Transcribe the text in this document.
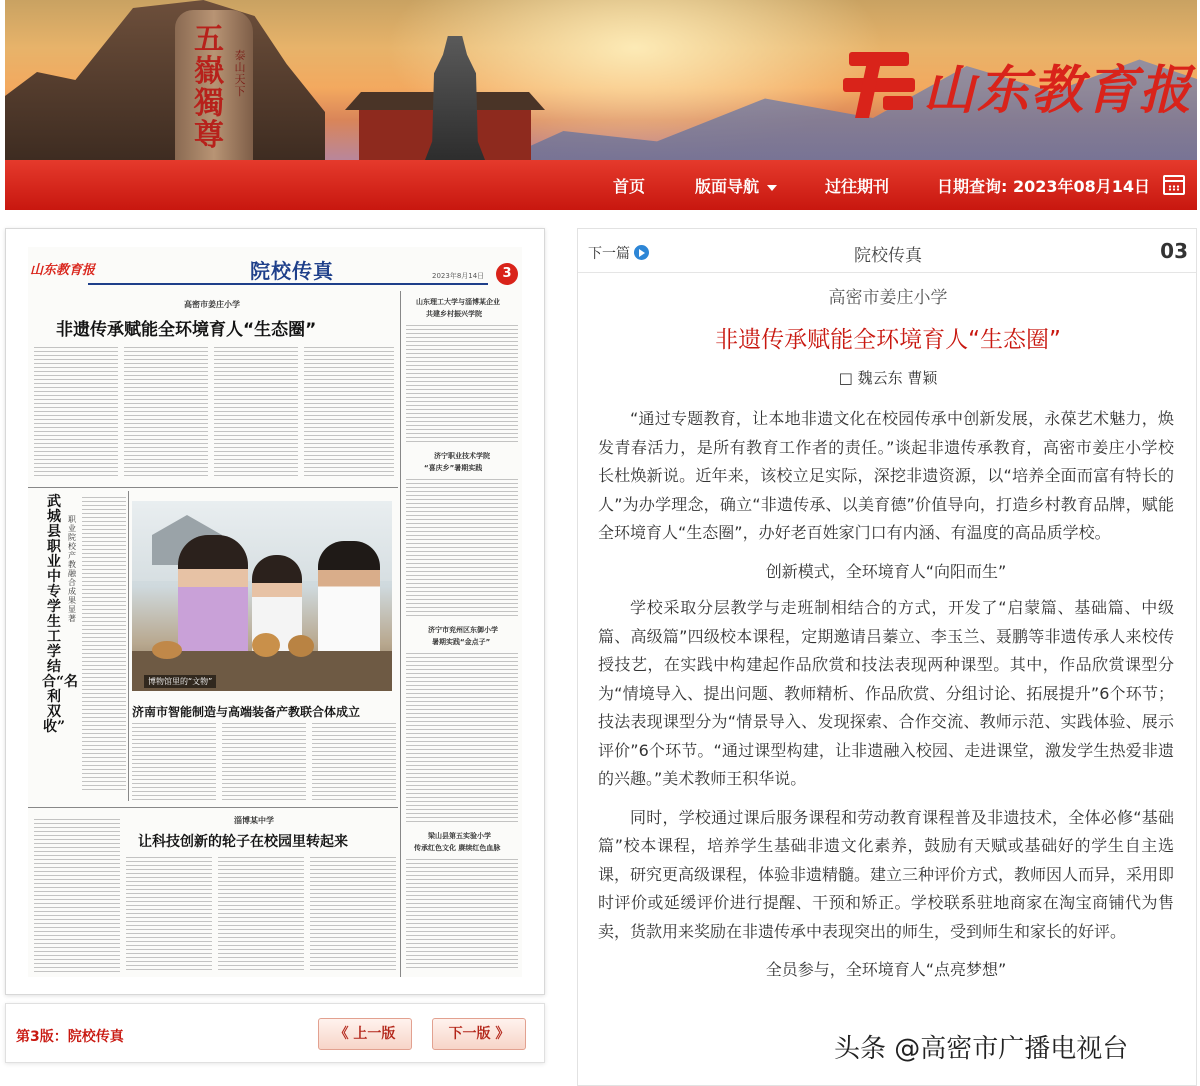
五嶽獨尊
泰山天下	山东教育报
首页	版面导航	过往期刊	日期查询: 2023年08月14日
山东教育报	院校传真	2023年8月14日	3
高密市姜庄小学
非遗传承赋能全环境育人“生态圈”
山东理工大学与淄博某企业
共建乡村振兴学院
济宁职业技术学院
“喜庆乡”暑期实践
济宁市兖州区东御小学
暑期实践“金点子”
梁山县第五实验小学
传承红色文化 赓续红色血脉
武城县职业中专学生工学结合“名利双收”
职业院校产教融合成果显著
博物馆里的“文物”
济南市智能制造与高端装备产教联合体成立
淄博某中学
让科技创新的轮子在校园里转起来
第3版：院校传真	《 上一版	下一版 》
下一篇	院校传真	03
高密市姜庄小学
非遗传承赋能全环境育人“生态圈”
□ 魏云东 曹颖

“通过专题教育，让本地非遗文化在校园传承中创新发展，永葆艺术魅力，焕发青春活力，是所有教育工作者的责任。”谈起非遗传承教育，高密市姜庄小学校长杜焕新说。近年来，该校立足实际，深挖非遗资源，以“培养全面而富有特长的人”为办学理念，确立“非遗传承、以美育德”价值导向，打造乡村教育品牌，赋能全环境育人“生态圈”，办好老百姓家门口有内涵、有温度的高品质学校。

创新模式，全环境育人“向阳而生”

学校采取分层教学与走班制相结合的方式，开发了“启蒙篇、基础篇、中级篇、高级篇”四级校本课程，定期邀请吕蓁立、李玉兰、聂鹏等非遗传承人来校传授技艺，在实践中构建起作品欣赏和技法表现两种课型。其中，作品欣赏课型分为“情境导入、提出问题、教师精析、作品欣赏、分组讨论、拓展提升”6个环节；技法表现课型分为“情景导入、发现探索、合作交流、教师示范、实践体验、展示评价”6个环节。“通过课型构建，让非遗融入校园、走进课堂，激发学生热爱非遗的兴趣。”美术教师王积华说。

同时，学校通过课后服务课程和劳动教育课程普及非遗技术，全体必修“基础篇”校本课程，培养学生基础非遗文化素养，鼓励有天赋或基础好的学生自主选课，研究更高级课程，体验非遗精髓。建立三种评价方式，教师因人而异，采用即时评价或延缓评价进行提醒、干预和矫正。学校联系驻地商家在淘宝商铺代为售卖，货款用来奖励在非遗传承中表现突出的师生，受到师生和家长的好评。

全员参与，全环境育人“点亮梦想”

头条 @高密市广播电视台
